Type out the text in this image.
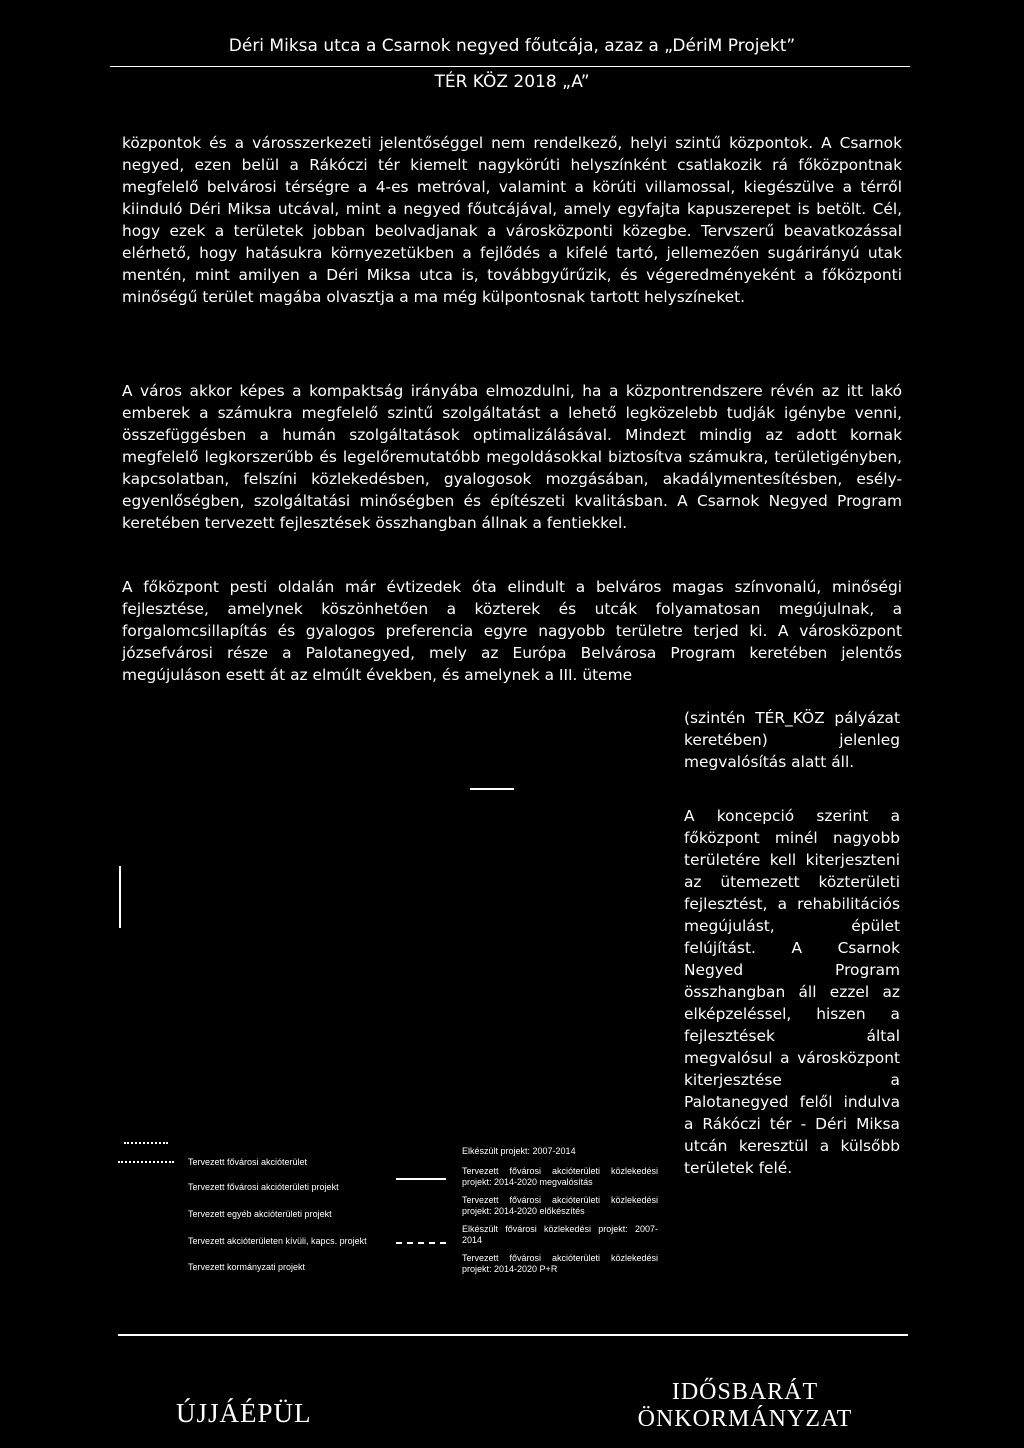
Déri Miksa utca a Csarnok negyed főutcája, azaz a „DériM Projekt”
TÉR KÖZ 2018 „A”

központok és a városszerkezeti jelentőséggel nem rendelkező, helyi szintű központok. A Csarnok negyed, ezen belül a Rákóczi tér kiemelt nagykörúti helyszínként csatlakozik rá főközpontnak megfelelő belvárosi térségre a 4-es metróval, valamint a körúti villamossal, kiegészülve a térről kiinduló Déri Miksa utcával, mint a negyed főutcájával, amely egyfajta kapuszerepet is betölt. Cél, hogy ezek a területek jobban beolvadjanak a városközponti közegbe. Tervszerű beavatkozással elérhető, hogy hatásukra környezetükben a fejlődés a kifelé tartó, jellemezően sugárirányú utak mentén, mint amilyen a Déri Miksa utca is, továbbgyűrűzik, és végeredményeként a főközponti minőségű terület magába olvasztja a ma még külpontosnak tartott helyszíneket.

A város akkor képes a kompaktság irányába elmozdulni, ha a központrendszere révén az itt lakó emberek a számukra megfelelő szintű szolgáltatást a lehető legközelebb tudják igénybe venni, összefüggésben a humán szolgáltatások optimalizálásával. Mindezt mindig az adott kornak megfelelő legkorszerűbb és legelőremutatóbb megoldásokkal biztosítva számukra, területigényben, kapcsolatban, felszíni közlekedésben, gyalogosok mozgásában, akadálymentesítésben, esély-egyenlőségben, szolgáltatási minőségben és építészeti kvalitásban. A Csarnok Negyed Program keretében tervezett fejlesztések összhangban állnak a fentiekkel.

A főközpont pesti oldalán már évtizedek óta elindult a belváros magas színvonalú, minőségi fejlesztése, amelynek köszönhetően a közterek és utcák folyamatosan megújulnak, a forgalomcsillapítás és gyalogos preferencia egyre nagyobb területre terjed ki. A városközpont józsefvárosi része a Palotanegyed, mely az Európa Belvárosa Program keretében jelentős megújuláson esett át az elmúlt években, és amelynek a III. üteme

(szintén TÉR_KÖZ pályázat keretében) jelenleg megvalósítás alatt áll.

A koncepció szerint a főközpont minél nagyobb területére kell kiterjeszteni az ütemezett közterületi fejlesztést, a rehabilitációs megújulást, épület felújítást. A Csarnok Negyed Program összhangban áll ezzel az elképzeléssel, hiszen a fejlesztések által megvalósul a városközpont kiterjesztése a Palotanegyed felől indulva a Rákóczi tér - Déri Miksa utcán keresztül a külsőbb területek felé.

Tervezett fővárosi akcióterület
Tervezett fővárosi akcióterületi projekt
Tervezett egyéb akcióterületi projekt
Tervezett akcióterületen kívüli, kapcs. projekt
Tervezett kormányzati projekt
Elkészült projekt: 2007-2014
Tervezett fővárosi akcióterületi közlekedési projekt: 2014-2020 megvalósítás
Tervezett fővárosi akcióterületi közlekedési projekt: 2014-2020 előkészítés
Elkészült fővárosi közlekedési projekt: 2007-2014
Tervezett fővárosi akcióterületi közlekedési projekt: 2014-2020 P+R
ÚJJÁÉPÜL
IDŐSBARÁT
ÖNKORMÁNYZAT
